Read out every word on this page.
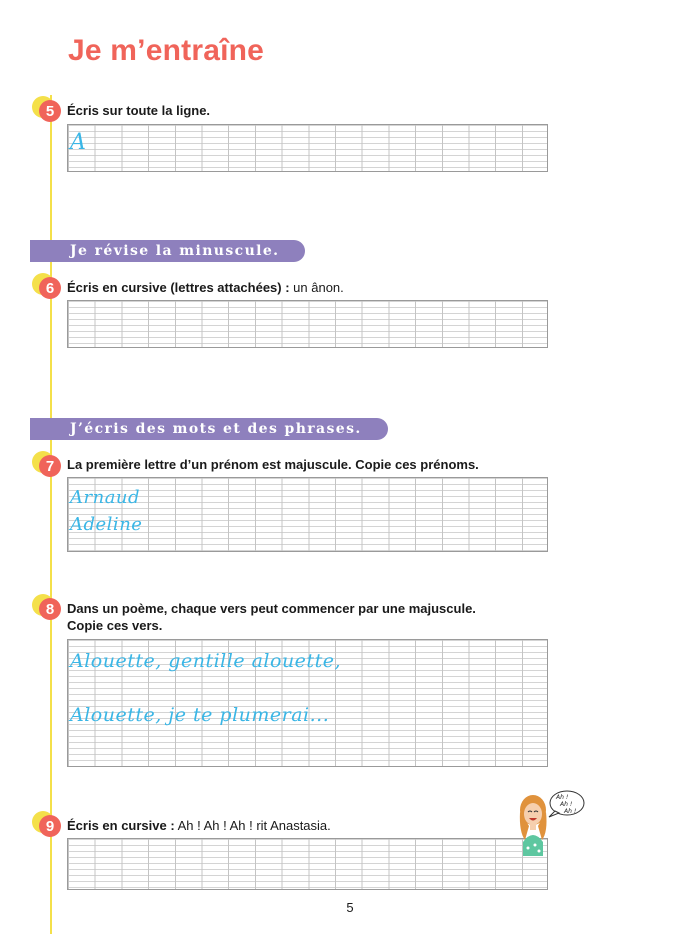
Je m’entraîne
5 Écris sur toute la ligne.
A
Je révise la minuscule.
6 Écris en cursive (lettres attachées) : un ânon.
J’écris des mots et des phrases.
7 La première lettre d’un prénom est majuscule. Copie ces prénoms.
Arnaud
Adeline
8 Dans un poème, chaque vers peut commencer par une majuscule.
Copie ces vers.
Alouette, gentille alouette,
Alouette, je te plumerai...
9 Écris en cursive : Ah ! Ah ! Ah ! rit Anastasia.
Ah !
Ah !
Ah !
5
